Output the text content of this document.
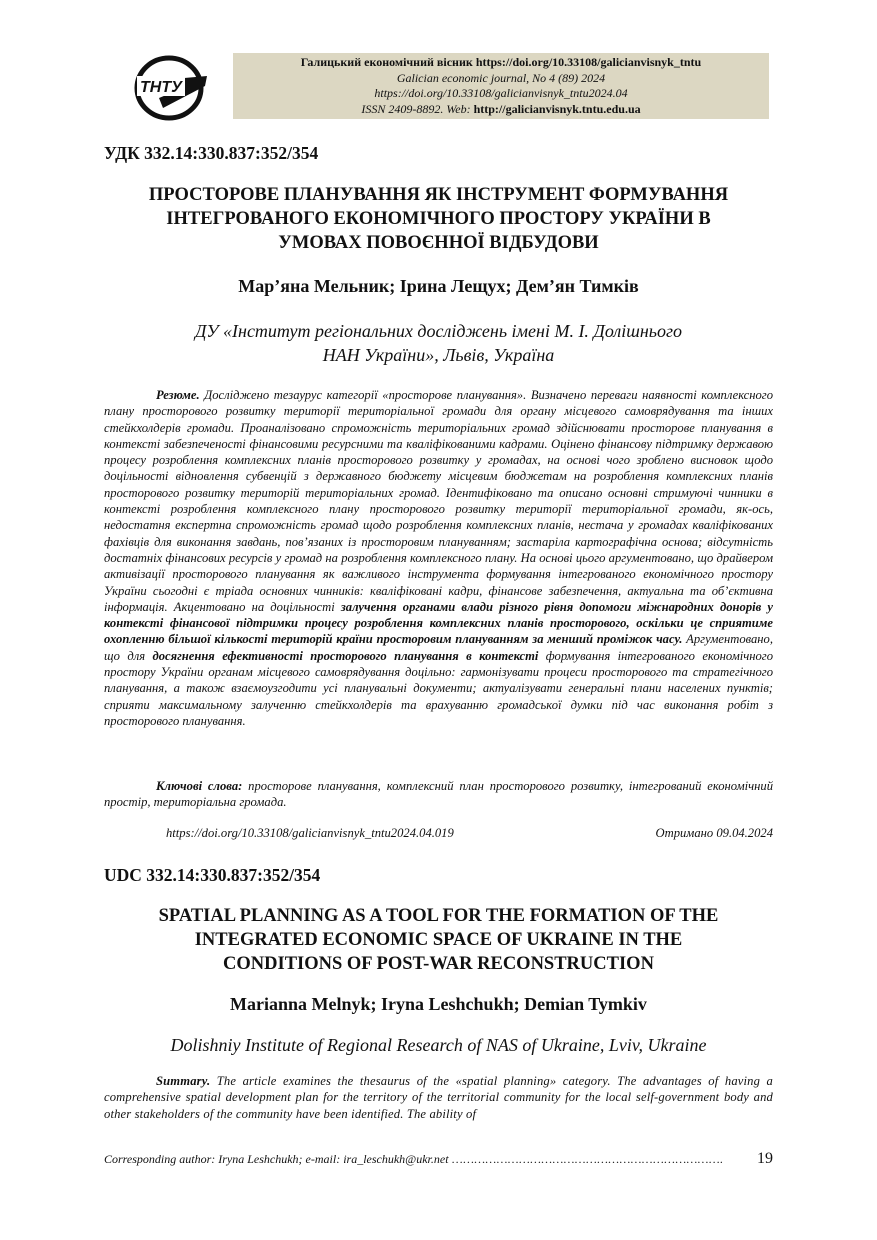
ТНТУ
Галицький економічний вісник https://doi.org/10.33108/galicianvisnyk_tntu
Galician economic journal, No 4 (89) 2024
https://doi.org/10.33108/galicianvisnyk_tntu2024.04
ISSN 2409-8892. Web: http://galicianvisnyk.tntu.edu.ua
УДК 332.14:330.837:352/354
ПРОСТОРОВЕ ПЛАНУВАННЯ ЯК ІНСТРУМЕНТ ФОРМУВАННЯ
ІНТЕГРОВАНОГО ЕКОНОМІЧНОГО ПРОСТОРУ УКРАЇНИ В
УМОВАХ ПОВОЄННОЇ ВІДБУДОВИ
Мар’яна Мельник; Ірина Лещух; Дем’ян Тимків
ДУ «Інститут регіональних досліджень імені М. І. Долішнього
НАН України», Львів, Україна
Резюме. Досліджено тезаурус категорії «просторове планування». Визначено переваги наявності комплексного плану просторового розвитку території територіальної громади для органу місцевого самоврядування та інших стейкхолдерів громади. Проаналізовано спроможність територіальних громад здійснювати просторове планування в контексті забезпеченості фінансовими ресурсними та кваліфікованими кадрами. Оцінено фінансову підтримку державою процесу розроблення комплексних планів просторового розвитку у громадах, на основі чого зроблено висновок щодо доцільності відновлення субвенцій з державного бюджету місцевим бюджетам на розроблення комплексних планів просторового розвитку територій територіальних громад. Ідентифіковано та описано основні стримуючі чинники в контексті розроблення комплексного плану просторового розвитку території територіальної громади, як-ось, недостатня експертна спроможність громад щодо розроблення комплексних планів, нестача у громадах кваліфікованих фахівців для виконання завдань, пов’язаних із просторовим плануванням; застаріла картографічна основа; відсутність достатніх фінансових ресурсів у громад на розроблення комплексного плану. На основі цього аргументовано, що драйвером активізації просторового планування як важливого інструмента формування інтегрованого економічного простору України сьогодні є тріада основних чинників: кваліфіковані кадри, фінансове забезпечення, актуальна та об’єктивна інформація. Акцентовано на доцільності залучення органами влади різного рівня допомоги міжнародних донорів у контексті фінансової підтримки процесу розроблення комплексних планів просторового, оскільки це сприятиме охопленню більшої кількості територій країни просторовим плануванням за менший проміжок часу. Аргументовано, що для досягнення ефективності просторового планування в контексті формування інтегрованого економічного простору України органам місцевого самоврядування доцільно: гармонізувати процеси просторового та стратегічного планування, а також взаємоузгодити усі планувальні документи; актуалізувати генеральні плани населених пунктів; сприяти максимальному залученню стейкхолдерів та врахуванню громадської думки під час виконання робіт з просторового планування.
Ключові слова: просторове планування, комплексний план просторового розвитку, інтегрований економічний простір, територіальна громада.
https://doi.org/10.33108/galicianvisnyk_tntu2024.04.019	Отримано 09.04.2024
UDC 332.14:330.837:352/354
SPATIAL PLANNING AS A TOOL FOR THE FORMATION OF THE
INTEGRATED ECONOMIC SPACE OF UKRAINE IN THE
CONDITIONS OF POST-WAR RECONSTRUCTION
Marianna Melnyk; Iryna Leshchukh; Demian Tymkiv
Dolishniy Institute of Regional Research of NAS of Ukraine, Lviv, Ukraine
Summary. The article examines the thesaurus of the «spatial planning» category. The advantages of having a comprehensive spatial development plan for the territory of the territorial community for the local self-government body and other stakeholders of the community have been identified. The ability of
Corresponding author: Iryna Leshchukh; e-mail: ira_leschukh@ukr.net ……………………………………………………………….	19
